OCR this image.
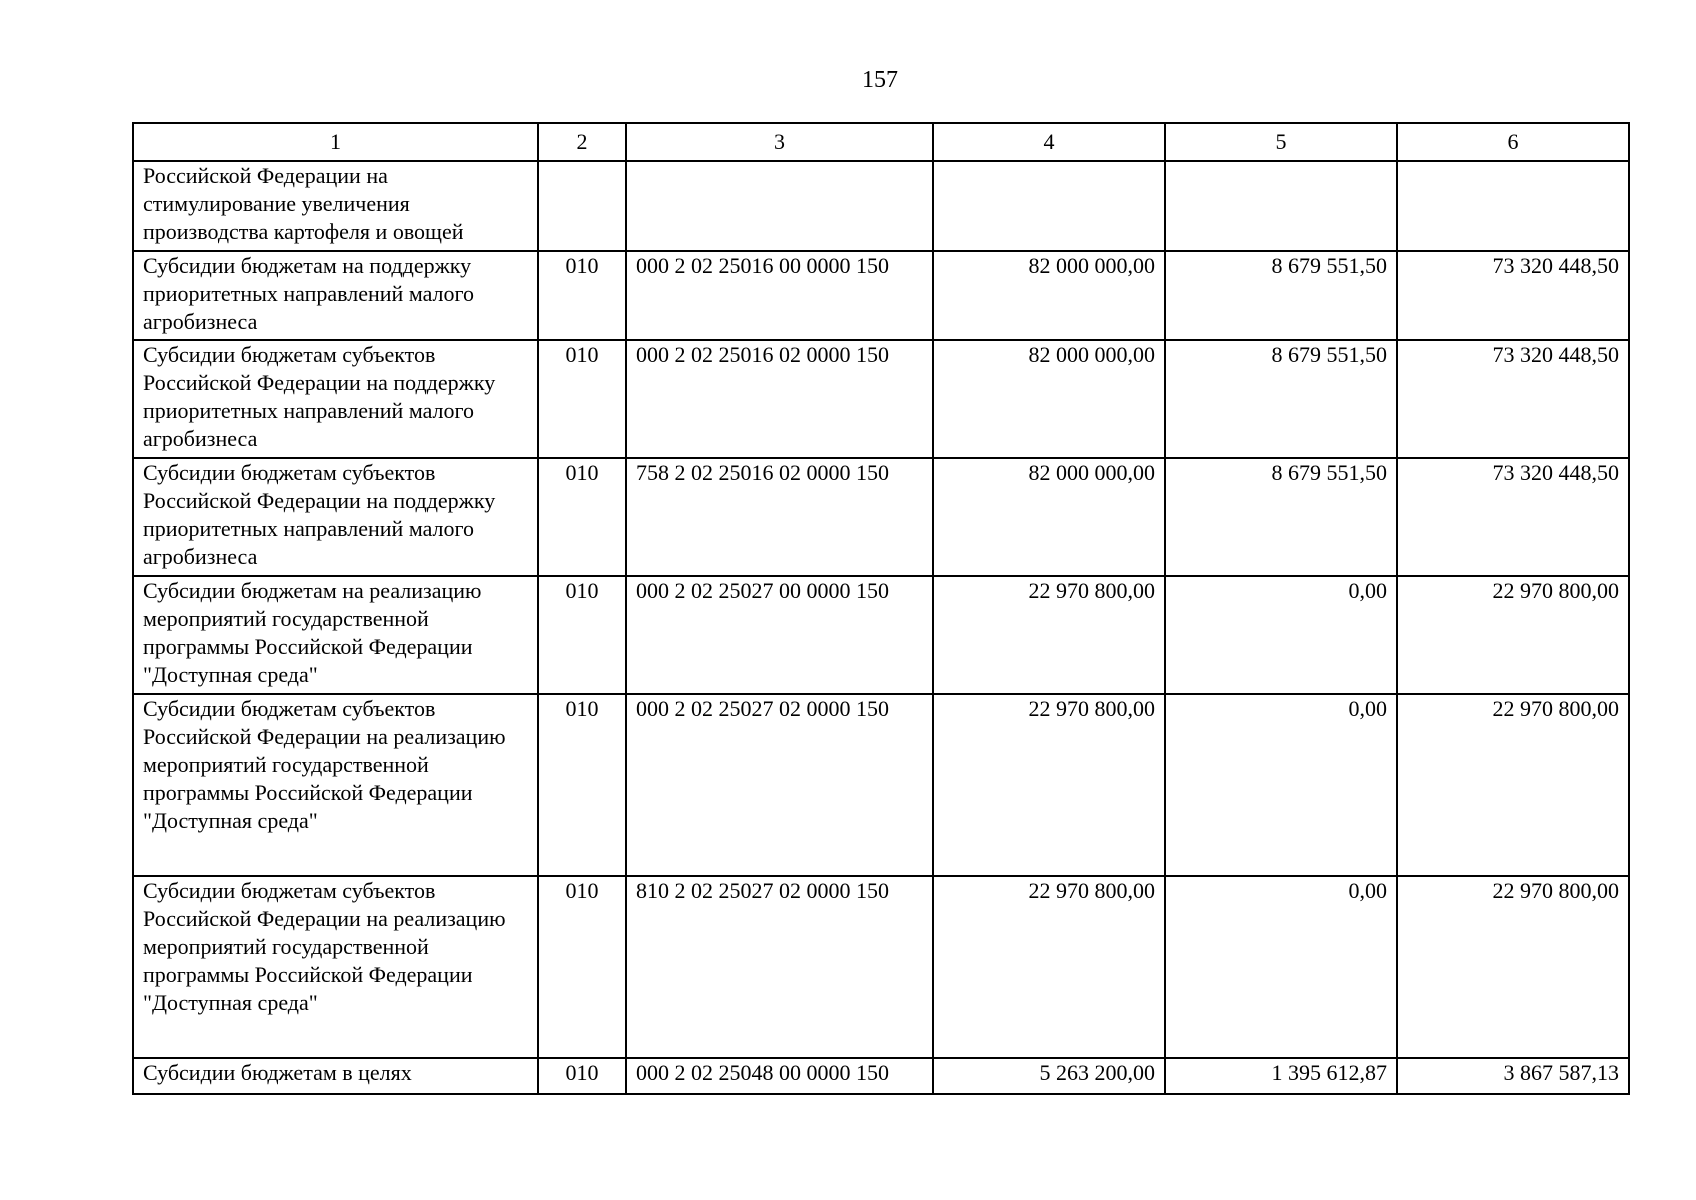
157
1	2	3	4	5	6
Российской Федерации на стимулирование увеличения производства картофеля и овощей					
Субсидии бюджетам на поддержку приоритетных направлений малого агробизнеса	010	000 2 02 25016 00 0000 150	82 000 000,00	8 679 551,50	73 320 448,50
Субсидии бюджетам субъектов Российской Федерации на поддержку приоритетных направлений малого агробизнеса	010	000 2 02 25016 02 0000 150	82 000 000,00	8 679 551,50	73 320 448,50
Субсидии бюджетам субъектов Российской Федерации на поддержку приоритетных направлений малого агробизнеса	010	758 2 02 25016 02 0000 150	82 000 000,00	8 679 551,50	73 320 448,50
Субсидии бюджетам на реализацию мероприятий государственной программы Российской Федерации "Доступная среда"	010	000 2 02 25027 00 0000 150	22 970 800,00	0,00	22 970 800,00
Субсидии бюджетам субъектов Российской Федерации на реализацию мероприятий государственной программы Российской Федерации "Доступная среда"	010	000 2 02 25027 02 0000 150	22 970 800,00	0,00	22 970 800,00
Субсидии бюджетам субъектов Российской Федерации на реализацию мероприятий государственной программы Российской Федерации "Доступная среда"	010	810 2 02 25027 02 0000 150	22 970 800,00	0,00	22 970 800,00
Субсидии бюджетам в целях	010	000 2 02 25048 00 0000 150	5 263 200,00	1 395 612,87	3 867 587,13
